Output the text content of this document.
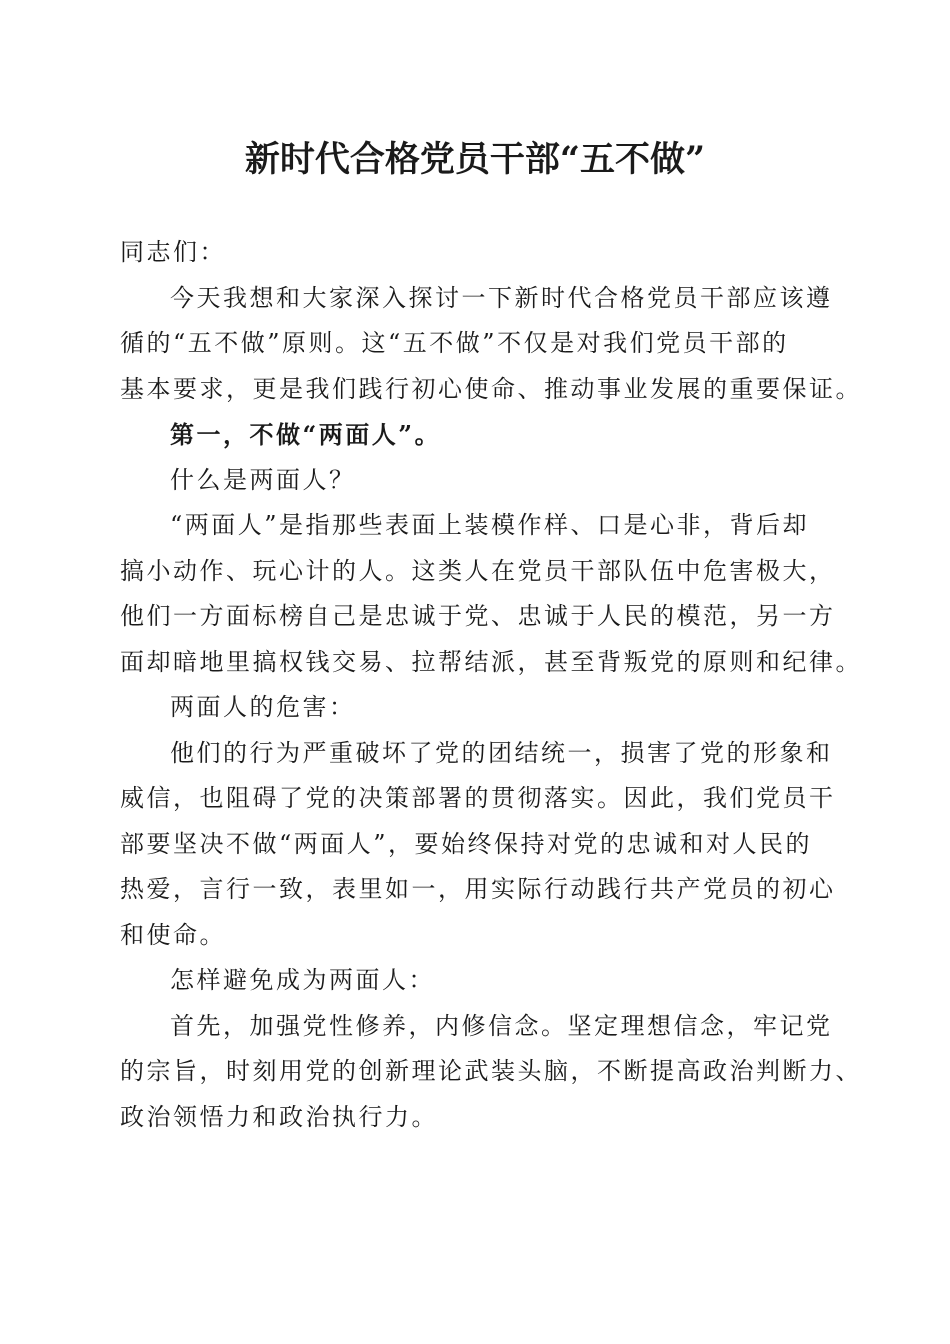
新时代合格党员干部“五不做”

同志们：

今天我想和大家深入探讨一下新时代合格党员干部应该遵

循的“五不做”原则。这“五不做”不仅是对我们党员干部的

基本要求，更是我们践行初心使命、推动事业发展的重要保证。

第一，不做“两面人”。

什么是两面人？

“两面人”是指那些表面上装模作样、口是心非，背后却

搞小动作、玩心计的人。这类人在党员干部队伍中危害极大，

他们一方面标榜自己是忠诚于党、忠诚于人民的模范，另一方

面却暗地里搞权钱交易、拉帮结派，甚至背叛党的原则和纪律。

两面人的危害：

他们的行为严重破坏了党的团结统一，损害了党的形象和

威信，也阻碍了党的决策部署的贯彻落实。因此，我们党员干

部要坚决不做“两面人”，要始终保持对党的忠诚和对人民的

热爱，言行一致，表里如一，用实际行动践行共产党员的初心

和使命。

怎样避免成为两面人：

首先，加强党性修养，内修信念。坚定理想信念，牢记党

的宗旨，时刻用党的创新理论武装头脑，不断提高政治判断力、

政治领悟力和政治执行力。
